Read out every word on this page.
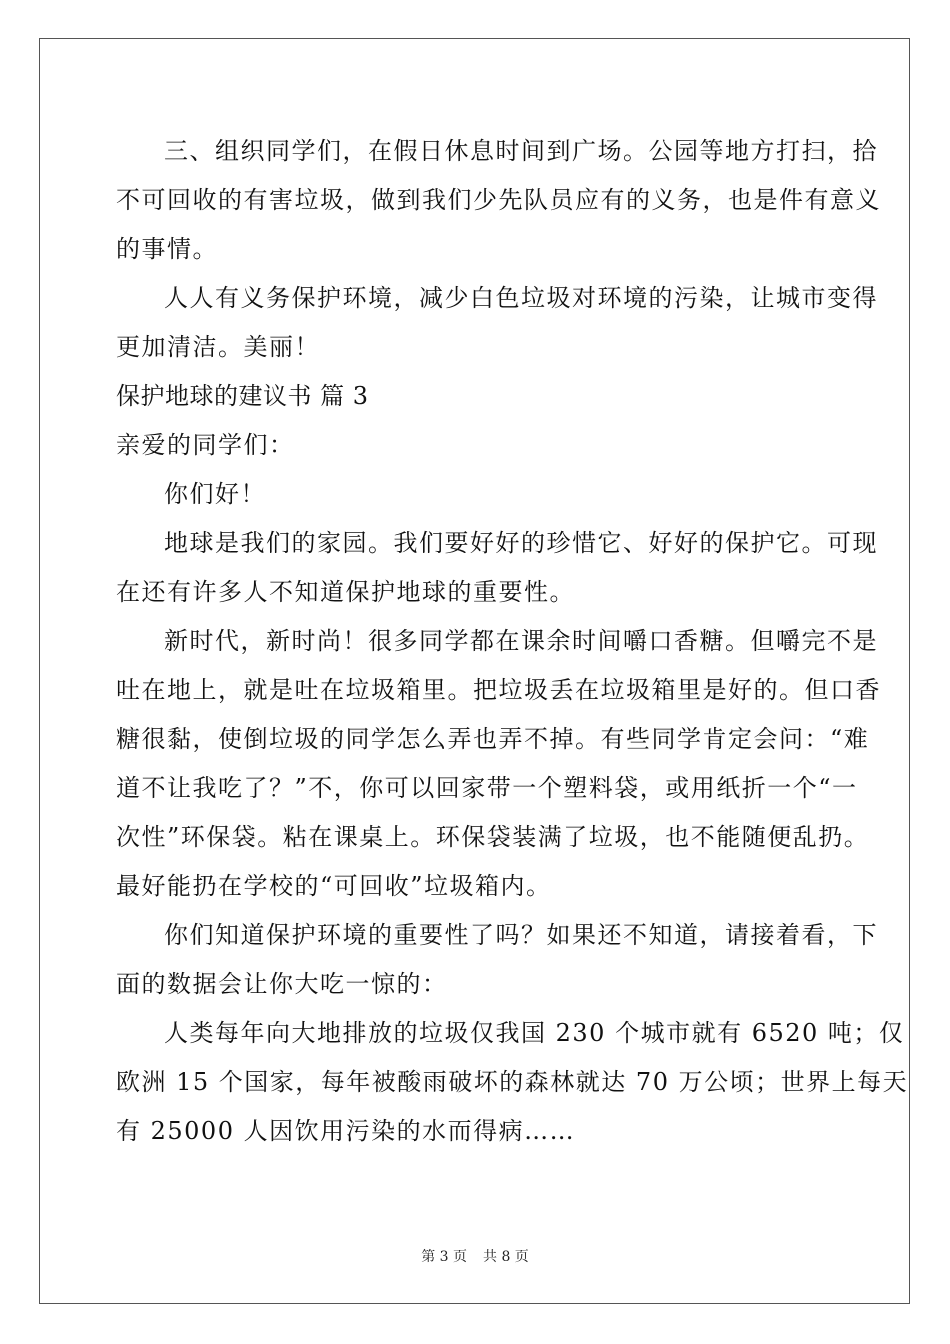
三、组织同学们，在假日休息时间到广场。公园等地方打扫，拾
不可回收的有害垃圾，做到我们少先队员应有的义务，也是件有意义
的事情。
人人有义务保护环境，减少白色垃圾对环境的污染，让城市变得
更加清洁。美丽！
保护地球的建议书 篇 3
亲爱的同学们：
你们好！
地球是我们的家园。我们要好好的珍惜它、好好的保护它。可现
在还有许多人不知道保护地球的重要性。
新时代，新时尚！很多同学都在课余时间嚼口香糖。但嚼完不是
吐在地上，就是吐在垃圾箱里。把垃圾丢在垃圾箱里是好的。但口香
糖很黏，使倒垃圾的同学怎么弄也弄不掉。有些同学肯定会问：“难
道不让我吃了？”不，你可以回家带一个塑料袋，或用纸折一个“一
次性”环保袋。粘在课桌上。环保袋装满了垃圾，也不能随便乱扔。
最好能扔在学校的“可回收”垃圾箱内。
你们知道保护环境的重要性了吗？如果还不知道，请接着看，下
面的数据会让你大吃一惊的：
人类每年向大地排放的垃圾仅我国 230 个城市就有 6520 吨；仅
欧洲 15 个国家，每年被酸雨破坏的森林就达 70 万公顷；世界上每天
有 25000 人因饮用污染的水而得病……
第 3 页 共 8 页
